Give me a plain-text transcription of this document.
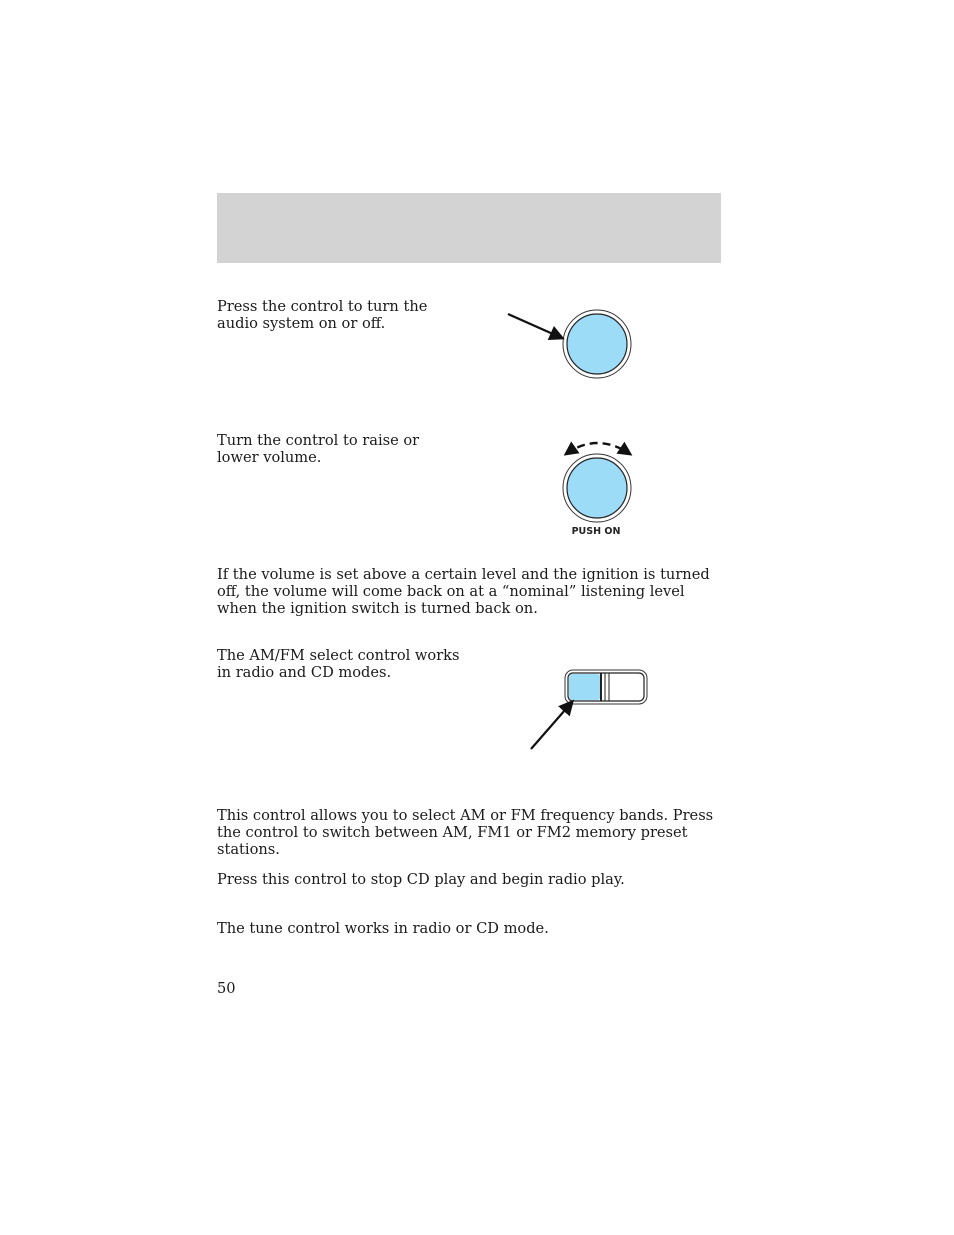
Press the control to turn the audio system on or off.

Turn the control to raise or lower volume.

PUSH ON

If the volume is set above a certain level and the ignition is turned off, the volume will come back on at a “nominal” listening level when the ignition switch is turned back on.

The AM/FM select control works in radio and CD modes.

This control allows you to select AM or FM frequency bands. Press the control to switch between AM, FM1 or FM2 memory preset stations.

Press this control to stop CD play and begin radio play.

The tune control works in radio or CD mode.

50
